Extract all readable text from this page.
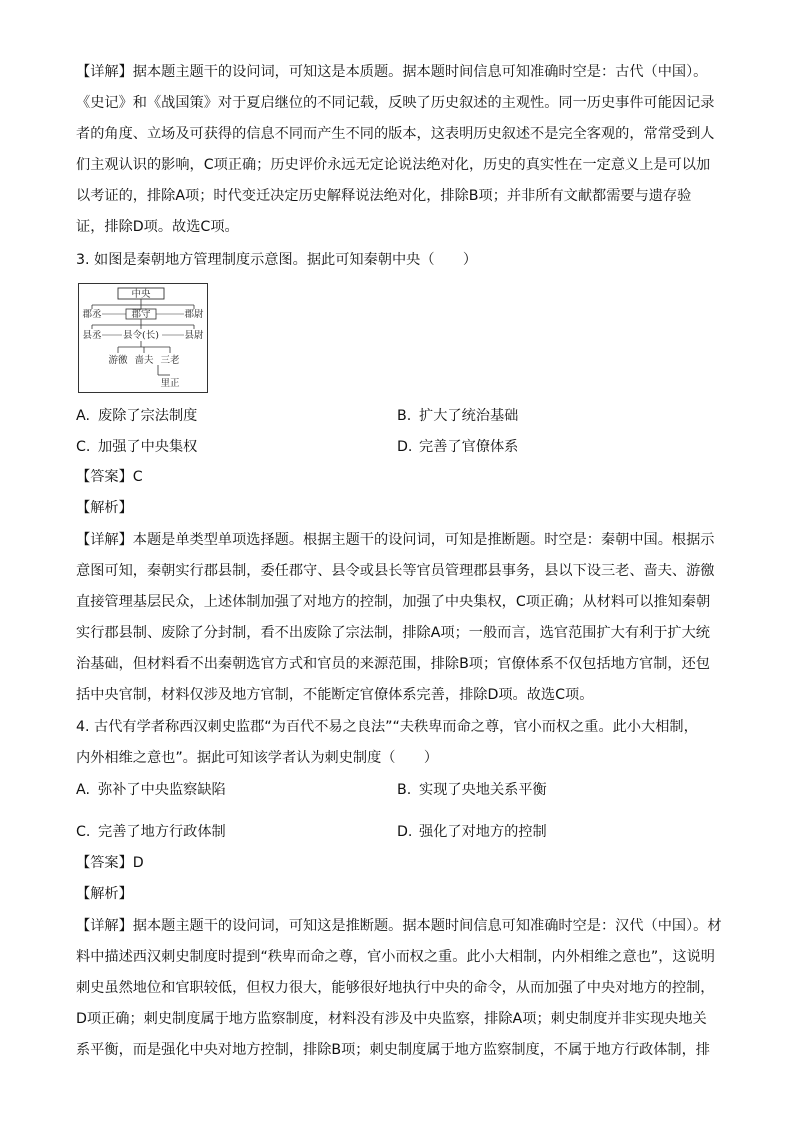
【详解】据本题主题干的设问词，可知这是本质题。据本题时间信息可知准确时空是：古代（中国）。

《史记》和《战国策》对于夏启继位的不同记载，反映了历史叙述的主观性。同一历史事件可能因记录

者的角度、立场及可获得的信息不同而产生不同的版本，这表明历史叙述不是完全客观的，常常受到人

们主观认识的影响，C项正确；历史评价永远无定论说法绝对化，历史的真实性在一定意义上是可以加

以考证的，排除A项；时代变迁决定历史解释说法绝对化，排除B项；并非所有文献都需要与遗存验

证，排除D项。故选C项。

3. 如图是秦朝地方管理制度示意图。据此可知秦朝中央（　　）

中央
郡丞	郡守	郡尉
县丞 县令(长)	县尉
游徼 啬夫 三老
里正
A. 废除了宗法制度	B. 扩大了统治基础
C. 加强了中央集权	D. 完善了官僚体系

【答案】C

【解析】

【详解】本题是单类型单项选择题。根据主题干的设问词，可知是推断题。时空是：秦朝中国。根据示

意图可知，秦朝实行郡县制，委任郡守、县令或县长等官员管理郡县事务，县以下设三老、啬夫、游徼

直接管理基层民众，上述体制加强了对地方的控制，加强了中央集权，C项正确；从材料可以推知秦朝

实行郡县制、废除了分封制，看不出废除了宗法制，排除A项；一般而言，选官范围扩大有利于扩大统

治基础，但材料看不出秦朝选官方式和官员的来源范围，排除B项；官僚体系不仅包括地方官制，还包

括中央官制，材料仅涉及地方官制，不能断定官僚体系完善，排除D项。故选C项。

4. 古代有学者称西汉刺史监郡“为百代不易之良法”“夫秩卑而命之尊，官小而权之重。此小大相制，

内外相维之意也”。据此可知该学者认为刺史制度（　　）

A. 弥补了中央监察缺陷	B. 实现了央地关系平衡
C. 完善了地方行政体制	D. 强化了对地方的控制

【答案】D

【解析】

【详解】据本题主题干的设问词，可知这是推断题。据本题时间信息可知准确时空是：汉代（中国）。材

料中描述西汉刺史制度时提到“秩卑而命之尊，官小而权之重。此小大相制，内外相维之意也”，这说明

刺史虽然地位和官职较低，但权力很大，能够很好地执行中央的命令，从而加强了中央对地方的控制，

D项正确；刺史制度属于地方监察制度，材料没有涉及中央监察，排除A项；刺史制度并非实现央地关

系平衡，而是强化中央对地方控制，排除B项；刺史制度属于地方监察制度，不属于地方行政体制，排
